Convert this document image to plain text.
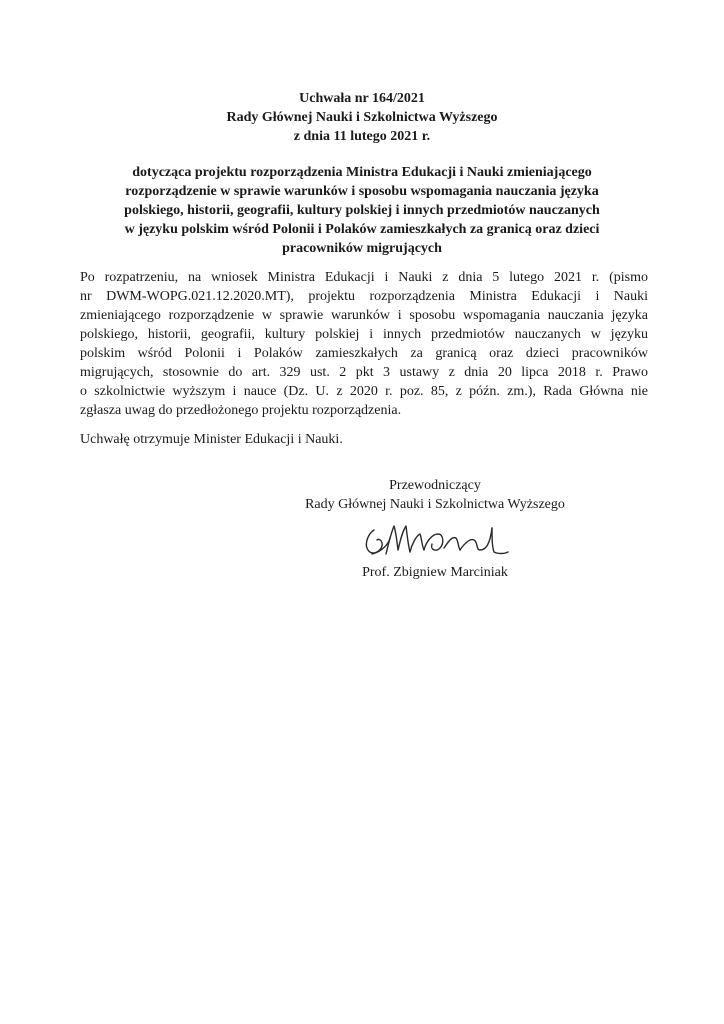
Uchwała nr 164/2021
Rady Głównej Nauki i Szkolnictwa Wyższego
z dnia 11 lutego 2021 r.
dotycząca projektu rozporządzenia Ministra Edukacji i Nauki zmieniającego
rozporządzenie w sprawie warunków i sposobu wspomagania nauczania języka
polskiego, historii, geografii, kultury polskiej i innych przedmiotów nauczanych
w języku polskim wśród Polonii i Polaków zamieszkałych za granicą oraz dzieci
pracowników migrujących
Po rozpatrzeniu, na wniosek Ministra Edukacji i Nauki z dnia 5 lutego 2021 r. (pismo
nr DWM-WOPG.021.12.2020.MT), projektu rozporządzenia Ministra Edukacji i Nauki
zmieniającego rozporządzenie w sprawie warunków i sposobu wspomagania nauczania języka
polskiego, historii, geografii, kultury polskiej i innych przedmiotów nauczanych w języku
polskim wśród Polonii i Polaków zamieszkałych za granicą oraz dzieci pracowników
migrujących, stosownie do art. 329 ust. 2 pkt 3 ustawy z dnia 20 lipca 2018 r. Prawo
o szkolnictwie wyższym i nauce (Dz. U. z 2020 r. poz. 85, z późn. zm.), Rada Główna nie
zgłasza uwag do przedłożonego projektu rozporządzenia.
Uchwałę otrzymuje Minister Edukacji i Nauki.
Przewodniczący
Rady Głównej Nauki i Szkolnictwa Wyższego
Prof. Zbigniew Marciniak
